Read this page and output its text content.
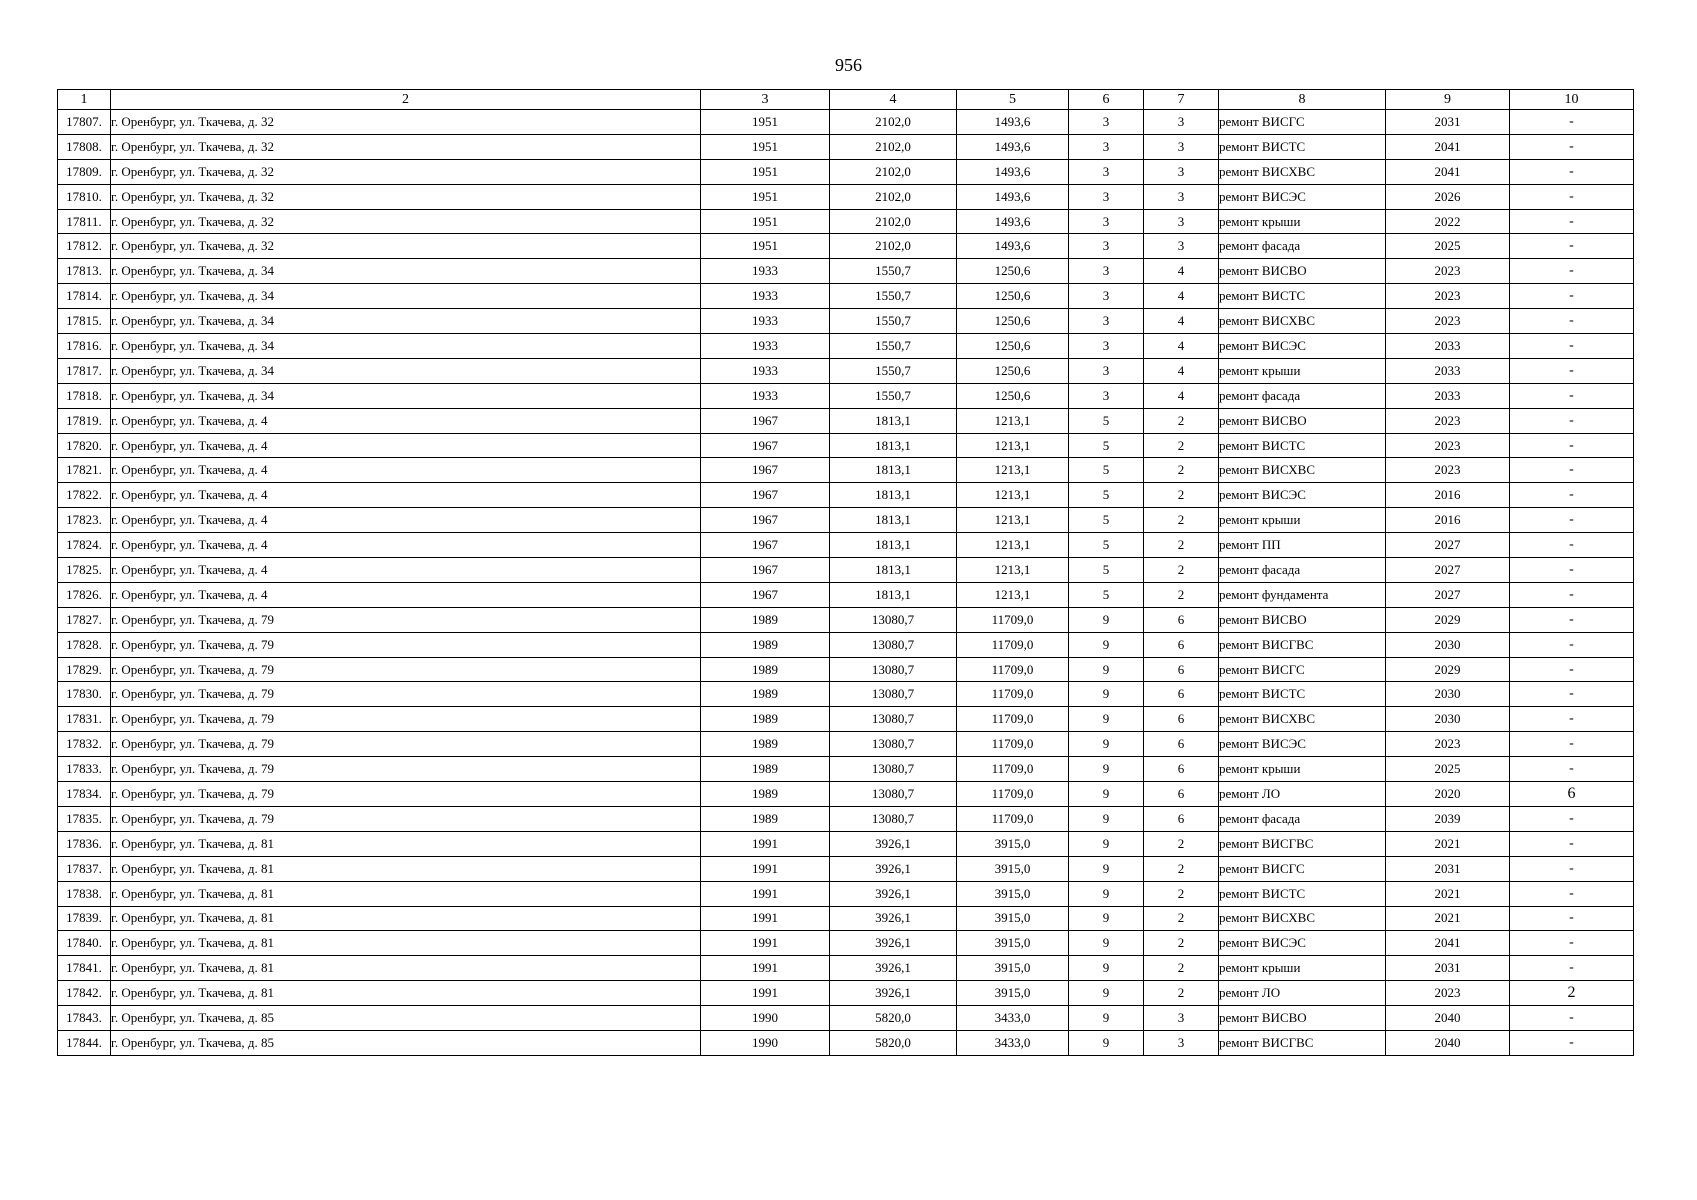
956
1	2	3	4	5	6	7	8	9	10
17807.	г. Оренбург, ул. Ткачева, д. 32	1951	2102,0	1493,6	3	3	ремонт ВИСГС	2031	-
17808.	г. Оренбург, ул. Ткачева, д. 32	1951	2102,0	1493,6	3	3	ремонт ВИСТС	2041	-
17809.	г. Оренбург, ул. Ткачева, д. 32	1951	2102,0	1493,6	3	3	ремонт ВИСХВС	2041	-
17810.	г. Оренбург, ул. Ткачева, д. 32	1951	2102,0	1493,6	3	3	ремонт ВИСЭС	2026	-
17811.	г. Оренбург, ул. Ткачева, д. 32	1951	2102,0	1493,6	3	3	ремонт крыши	2022	-
17812.	г. Оренбург, ул. Ткачева, д. 32	1951	2102,0	1493,6	3	3	ремонт фасада	2025	-
17813.	г. Оренбург, ул. Ткачева, д. 34	1933	1550,7	1250,6	3	4	ремонт ВИСВО	2023	-
17814.	г. Оренбург, ул. Ткачева, д. 34	1933	1550,7	1250,6	3	4	ремонт ВИСТС	2023	-
17815.	г. Оренбург, ул. Ткачева, д. 34	1933	1550,7	1250,6	3	4	ремонт ВИСХВС	2023	-
17816.	г. Оренбург, ул. Ткачева, д. 34	1933	1550,7	1250,6	3	4	ремонт ВИСЭС	2033	-
17817.	г. Оренбург, ул. Ткачева, д. 34	1933	1550,7	1250,6	3	4	ремонт крыши	2033	-
17818.	г. Оренбург, ул. Ткачева, д. 34	1933	1550,7	1250,6	3	4	ремонт фасада	2033	-
17819.	г. Оренбург, ул. Ткачева, д. 4	1967	1813,1	1213,1	5	2	ремонт ВИСВО	2023	-
17820.	г. Оренбург, ул. Ткачева, д. 4	1967	1813,1	1213,1	5	2	ремонт ВИСТС	2023	-
17821.	г. Оренбург, ул. Ткачева, д. 4	1967	1813,1	1213,1	5	2	ремонт ВИСХВС	2023	-
17822.	г. Оренбург, ул. Ткачева, д. 4	1967	1813,1	1213,1	5	2	ремонт ВИСЭС	2016	-
17823.	г. Оренбург, ул. Ткачева, д. 4	1967	1813,1	1213,1	5	2	ремонт крыши	2016	-
17824.	г. Оренбург, ул. Ткачева, д. 4	1967	1813,1	1213,1	5	2	ремонт ПП	2027	-
17825.	г. Оренбург, ул. Ткачева, д. 4	1967	1813,1	1213,1	5	2	ремонт фасада	2027	-
17826.	г. Оренбург, ул. Ткачева, д. 4	1967	1813,1	1213,1	5	2	ремонт фундамента	2027	-
17827.	г. Оренбург, ул. Ткачева, д. 79	1989	13080,7	11709,0	9	6	ремонт ВИСВО	2029	-
17828.	г. Оренбург, ул. Ткачева, д. 79	1989	13080,7	11709,0	9	6	ремонт ВИСГВС	2030	-
17829.	г. Оренбург, ул. Ткачева, д. 79	1989	13080,7	11709,0	9	6	ремонт ВИСГС	2029	-
17830.	г. Оренбург, ул. Ткачева, д. 79	1989	13080,7	11709,0	9	6	ремонт ВИСТС	2030	-
17831.	г. Оренбург, ул. Ткачева, д. 79	1989	13080,7	11709,0	9	6	ремонт ВИСХВС	2030	-
17832.	г. Оренбург, ул. Ткачева, д. 79	1989	13080,7	11709,0	9	6	ремонт ВИСЭС	2023	-
17833.	г. Оренбург, ул. Ткачева, д. 79	1989	13080,7	11709,0	9	6	ремонт крыши	2025	-
17834.	г. Оренбург, ул. Ткачева, д. 79	1989	13080,7	11709,0	9	6	ремонт ЛО	2020	6
17835.	г. Оренбург, ул. Ткачева, д. 79	1989	13080,7	11709,0	9	6	ремонт фасада	2039	-
17836.	г. Оренбург, ул. Ткачева, д. 81	1991	3926,1	3915,0	9	2	ремонт ВИСГВС	2021	-
17837.	г. Оренбург, ул. Ткачева, д. 81	1991	3926,1	3915,0	9	2	ремонт ВИСГС	2031	-
17838.	г. Оренбург, ул. Ткачева, д. 81	1991	3926,1	3915,0	9	2	ремонт ВИСТС	2021	-
17839.	г. Оренбург, ул. Ткачева, д. 81	1991	3926,1	3915,0	9	2	ремонт ВИСХВС	2021	-
17840.	г. Оренбург, ул. Ткачева, д. 81	1991	3926,1	3915,0	9	2	ремонт ВИСЭС	2041	-
17841.	г. Оренбург, ул. Ткачева, д. 81	1991	3926,1	3915,0	9	2	ремонт крыши	2031	-
17842.	г. Оренбург, ул. Ткачева, д. 81	1991	3926,1	3915,0	9	2	ремонт ЛО	2023	2
17843.	г. Оренбург, ул. Ткачева, д. 85	1990	5820,0	3433,0	9	3	ремонт ВИСВО	2040	-
17844.	г. Оренбург, ул. Ткачева, д. 85	1990	5820,0	3433,0	9	3	ремонт ВИСГВС	2040	-
